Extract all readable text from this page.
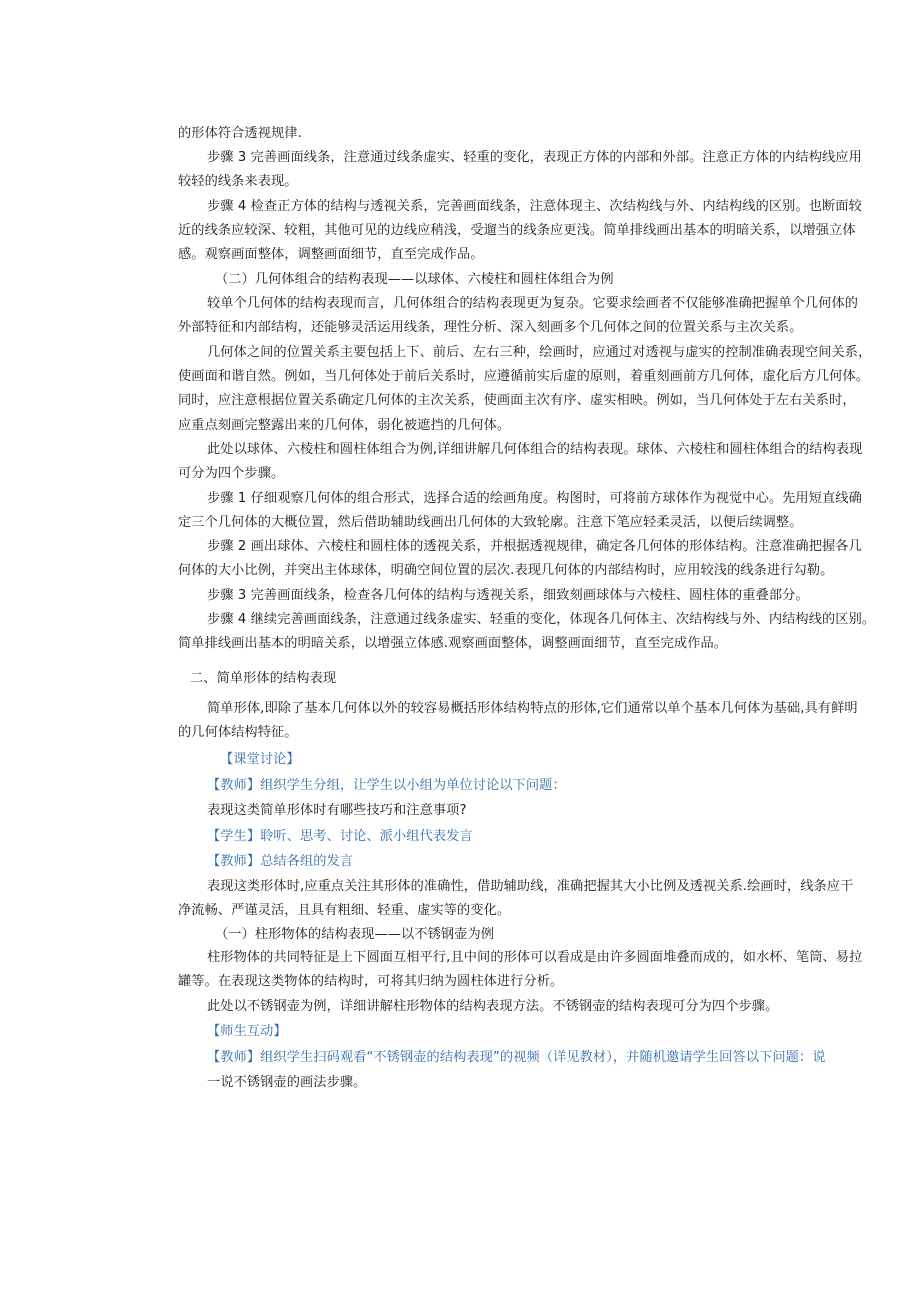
的形体符合透视规律.
步骤 3 完善画面线条，注意通过线条虚实、轻重的变化，表现正方体的内部和外部。注意正方体的内结构线应用
较轻的线条来表现。
步骤 4 检查正方体的结构与透视关系，完善画面线条，注意体现主、次结构线与外、内结构线的区别。也断面较
近的线条应较深、较粗，其他可见的边线应稍浅，受遛当的线条应更浅。简单排线画出基本的明暗关系，以增强立体
感。观察画面整体，调整画面细节，直至完成作品。
（二）几何体组合的结构表现——以球体、六棱柱和圆柱体组合为例
较单个几何体的结构表现而言，几何体组合的结构表现更为复杂。它要求绘画者不仅能够准确把握单个几何体的
外部特征和内部结构，还能够灵活运用线条，理性分析、深入刻画多个几何体之间的位置关系与主次关系。
几何体之间的位置关系主要包括上下、前后、左右三种，绘画时，应通过对透视与虚实的控制准确表现空间关系，
使画面和谐自然。例如，当几何体处于前后关系时，应遵循前实后虚的原则，着重刻画前方几何体，虚化后方几何体。
同时，应注意根据位置关系确定几何体的主次关系，使画面主次有序、虚实相映。例如，当几何体处于左右关系时，
应重点刻画完整露出来的几何体，弱化被遮挡的几何体。
此处以球体、六棱柱和圆柱体组合为例,详细讲解几何体组合的结构表现。球体、六棱柱和圆柱体组合的结构表现
可分为四个步骤。
步骤 1 仔细观察几何体的组合形式，选择合适的绘画角度。构图时，可将前方球体作为视觉中心。先用短直线确
定三个几何体的大概位置，然后借助辅助线画出几何体的大致轮廓。注意下笔应轻柔灵活，以便后续调整。
步骤 2 画出球体、六棱柱和圆柱体的透视关系，并根据透视规律，确定各几何体的形体结构。注意准确把握各几
何体的大小比例，并突出主体球体，明确空间位置的层次.表现几何体的内部结构时，应用较浅的线条进行勾勒。
步骤 3 完善画面线条，检查各几何体的结构与透视关系，细致刻画球体与六棱柱、圆柱体的重叠部分。
步骤 4 继续完善画面线条，注意通过线条虚实、轻重的变化，体现各几何体主、次结构线与外、内结构线的区别。
简单排线画出基本的明暗关系，以增强立体感.观察画面整体，调整画面细节，直至完成作品。
二、简单形体的结构表现
简单形体,即除了基本几何体以外的较容易概括形体结构特点的形体,它们通常以单个基本几何体为基础,具有鲜明
的几何体结构特征。
【课堂讨论】
【教师】组织学生分组，让学生以小组为单位讨论以下问题：
表现这类简单形体时有哪些技巧和注意事项?
【学生】聆听、思考、讨论、派小组代表发言
【教师】总结各组的发言
表现这类形体时,应重点关注其形体的准确性，借助辅助线，准确把握其大小比例及透视关系.绘画时，线条应干
净流畅、严谨灵活，且具有粗细、轻重、虚实等的变化。
（一）柱形物体的结构表现——以不锈钢壶为例
柱形物体的共同特征是上下圆面互相平行,且中间的形体可以看成是由许多圆面堆叠而成的，如水杯、笔筒、易拉
罐等。在表现这类物体的结构时，可将其归纳为圆柱体进行分析。
此处以不锈钢壶为例，详细讲解柱形物体的结构表现方法。不锈钢壶的结构表现可分为四个步骤。
【师生互动】
【教师】组织学生扫码观看“不锈钢壶的结构表现”的视频（详见教材），并随机邀请学生回答以下问题：说
一说不锈钢壶的画法步骤。
